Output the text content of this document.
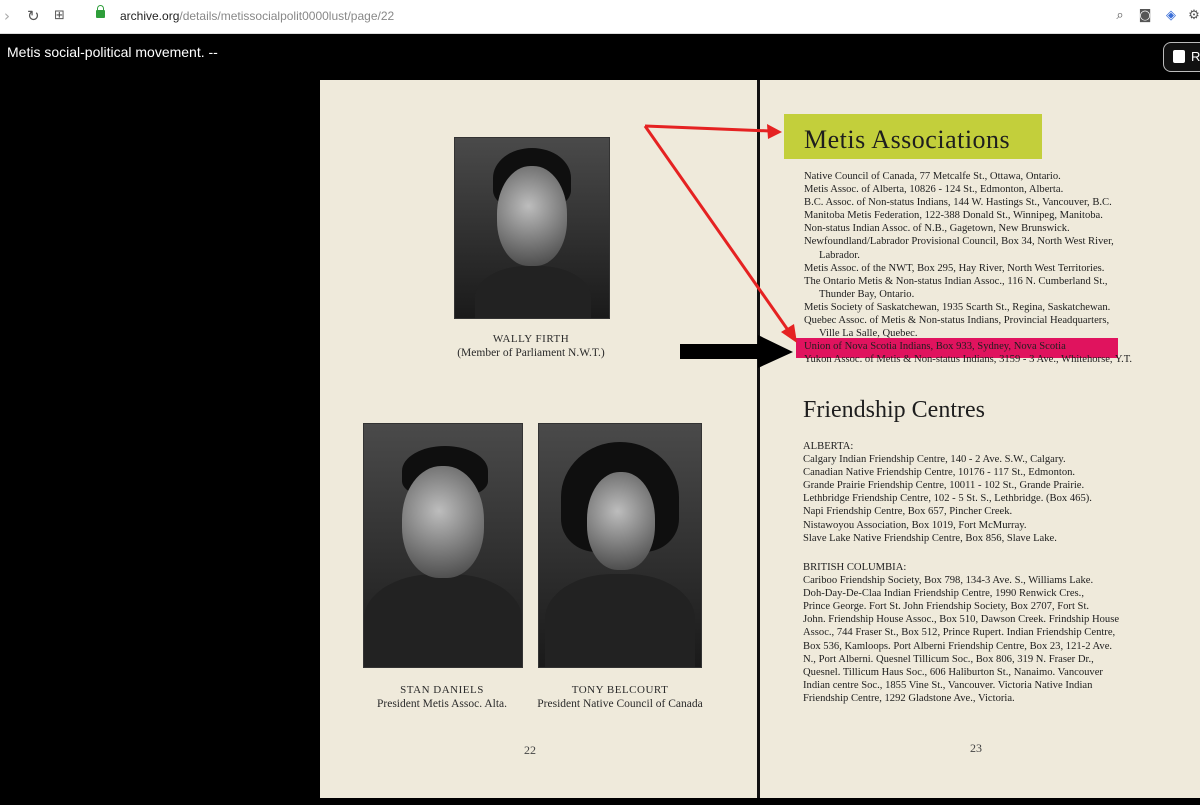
› ↻ ⊞	archive.org/details/metissocialpolit0000lust/page/22	⌕	◙ ◈ ⚙
Metis social-political movement. --	R
WALLY FIRTH
(Member of Parliament N.W.T.)
STAN DANIELS
President Metis Assoc. Alta.
TONY BELCOURT
President Native Council of Canada
22
Metis Associations
Native Council of Canada, 77 Metcalfe St., Ottawa, Ontario.
Metis Assoc. of Alberta, 10826 - 124 St., Edmonton, Alberta.
B.C. Assoc. of Non-status Indians, 144 W. Hastings St., Vancouver, B.C.
Manitoba Metis Federation, 122-388 Donald St., Winnipeg, Manitoba.
Non-status Indian Assoc. of N.B., Gagetown, New Brunswick.
Newfoundland/Labrador Provisional Council, Box 34, North West River,
Labrador.
Metis Assoc. of the NWT, Box 295, Hay River, North West Territories.
The Ontario Metis & Non-status Indian Assoc., 116 N. Cumberland St.,
Thunder Bay, Ontario.
Metis Society of Saskatchewan, 1935 Scarth St., Regina, Saskatchewan.
Quebec Assoc. of Metis & Non-status Indians, Provincial Headquarters,
Ville La Salle, Quebec.
Union of Nova Scotia Indians, Box 933, Sydney, Nova Scotia
Yukon Assoc. of Metis & Non-status Indians, 3159 - 3 Ave., Whitehorse, Y.T.
Friendship Centres
ALBERTA:
Calgary Indian Friendship Centre, 140 - 2 Ave. S.W., Calgary.
Canadian Native Friendship Centre, 10176 - 117 St., Edmonton.
Grande Prairie Friendship Centre, 10011 - 102 St., Grande Prairie.
Lethbridge Friendship Centre, 102 - 5 St. S., Lethbridge. (Box 465).
Napi Friendship Centre, Box 657, Pincher Creek.
Nistawoyou Association, Box 1019, Fort McMurray.
Slave Lake Native Friendship Centre, Box 856, Slave Lake.
BRITISH COLUMBIA:
Cariboo Friendship Society, Box 798, 134-3 Ave. S., Williams Lake.
Doh-Day-De-Claa Indian Friendship Centre, 1990 Renwick Cres.,
Prince George. Fort St. John Friendship Society, Box 2707, Fort St.
John. Friendship House Assoc., Box 510, Dawson Creek. Frindship House
Assoc., 744 Fraser St., Box 512, Prince Rupert. Indian Friendship Centre,
Box 536, Kamloops. Port Alberni Friendship Centre, Box 23, 121-2 Ave.
N., Port Alberni. Quesnel Tillicum Soc., Box 806, 319 N. Fraser Dr.,
Quesnel. Tillicum Haus Soc., 606 Haliburton St., Nanaimo. Vancouver
Indian centre Soc., 1855 Vine St., Vancouver. Victoria Native Indian
Friendship Centre, 1292 Gladstone Ave., Victoria.
23
